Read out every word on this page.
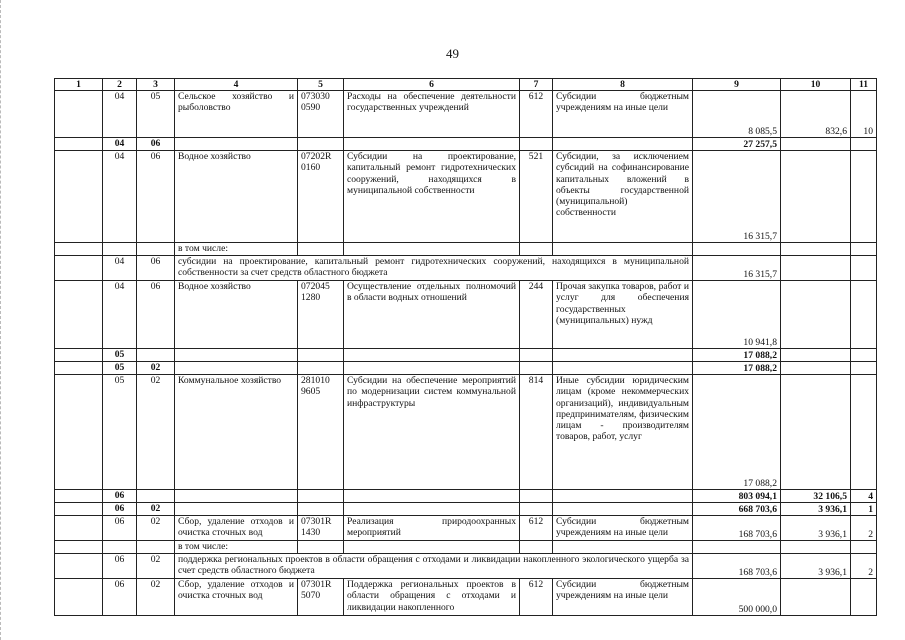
49
1	2	3	4	5	6	7	8	9	10	11
	04	05	Сельское хозяйство и рыболовство	073030 0590	Расходы на обеспечение деятельности государственных учреждений	612	Субсидии бюджетным учреждениям на иные цели	8 085,5	832,6	10
	04	06						27 257,5		
	04	06	Водное хозяйство	07202R 0160	Субсидии на проектирование, капитальный ремонт гидротехнических сооружений, находящихся в муниципальной собственности	521	Субсидии, за исключением субсидий на софинансирование капитальных вложений в объекты государственной (муниципальной) собственности	16 315,7		
			в том числе:							
	04	06	субсидии на проектирование, капитальный ремонт гидротехнических сооружений, находящихся в муниципальной собственности за счет средств областного бюджета					16 315,7		
	04	06	Водное хозяйство	072045 1280	Осуществление отдельных полномочий в области водных отношений	244	Прочая закупка товаров, работ и услуг для обеспечения государственных (муниципальных) нужд	10 941,8		
	05							17 088,2		
	05	02						17 088,2		
	05	02	Коммунальное хозяйство	281010 9605	Субсидии на обеспечение мероприятий по модернизации систем коммунальной инфраструктуры	814	Иные субсидии юридическим лицам (кроме некоммерческих организаций), индивидуальным предпринимателям, физическим лицам - производителям товаров, работ, услуг	17 088,2		
	06							803 094,1	32 106,5	4
	06	02						668 703,6	3 936,1	1
	06	02	Сбор, удаление отходов и очистка сточных вод	07301R 1430	Реализация природоохранных мероприятий	612	Субсидии бюджетным учреждениям на иные цели	168 703,6	3 936,1	2
			в том числе:							
	06	02	поддержка региональных проектов в области обращения с отходами и ликвидации накопленного экологического ущерба за счет средств областного бюджета					168 703,6	3 936,1	2
	06	02	Сбор, удаление отходов и очистка сточных вод	07301R 5070	Поддержка региональных проектов в области обращения с отходами и ликвидации накопленного	612	Субсидии бюджетным учреждениям на иные цели	500 000,0		
